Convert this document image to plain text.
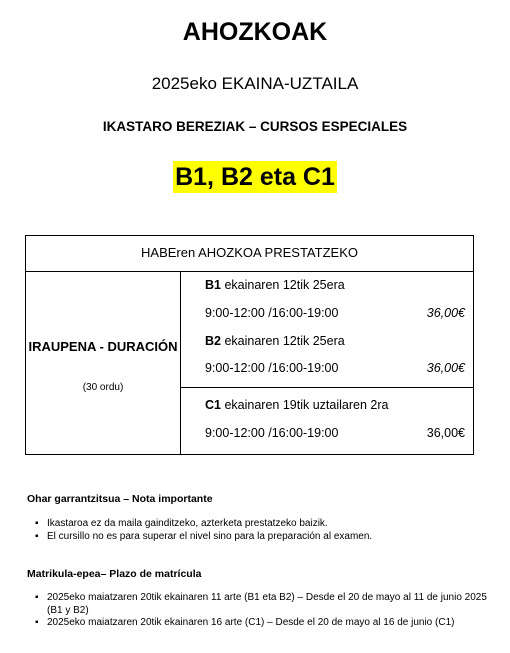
AHOZKOAK
2025eko EKAINA-UZTAILA
IKASTARO BEREZIAK – CURSOS ESPECIALES
B1, B2 eta C1
HABEren AHOZKOA PRESTATZEKO
IRAUPENA - DURACIÓN
(30 ordu)
B1 ekainaren 12tik 25era
9:00-12:00 /16:00-19:00	36,00€
B2 ekainaren 12tik 25era
9:00-12:00 /16:00-19:00	36,00€
C1 ekainaren 19tik uztailaren 2ra
9:00-12:00 /16:00-19:00	36,00€
Ohar garrantzitsua – Nota importante
▪ Ikastaroa ez da maila gainditzeko, azterketa prestatzeko baizik.
▪ El cursillo no es para superar el nivel sino para la preparación al examen.
Matrikula-epea– Plazo de matrícula
▪ 2025eko maiatzaren 20tik ekainaren 11 arte (B1 eta B2) – Desde el 20 de mayo al 11 de junio 2025 (B1 y B2)
▪ 2025eko maiatzaren 20tik ekainaren 16 arte (C1) – Desde el 20 de mayo al 16 de junio (C1)
